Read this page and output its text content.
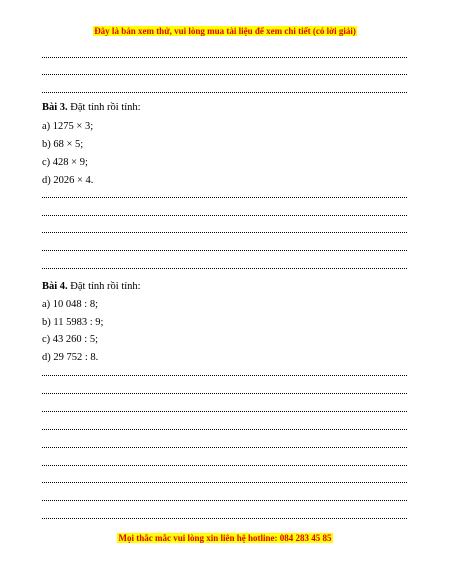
Đây là bản xem thử, vui lòng mua tài liệu để xem chi tiết (có lời giải)
Bài 3. Đặt tính rồi tính:
a) 1275 × 3;
b) 68 × 5;
c) 428 × 9;
d) 2026 × 4.
Bài 4. Đặt tính rồi tính:
a) 10 048 : 8;
b) 11 5983 : 9;
c) 43 260 : 5;
d) 29 752 : 8.
Mọi thắc mắc vui lòng xin liên hệ hotline: 084 283 45 85
